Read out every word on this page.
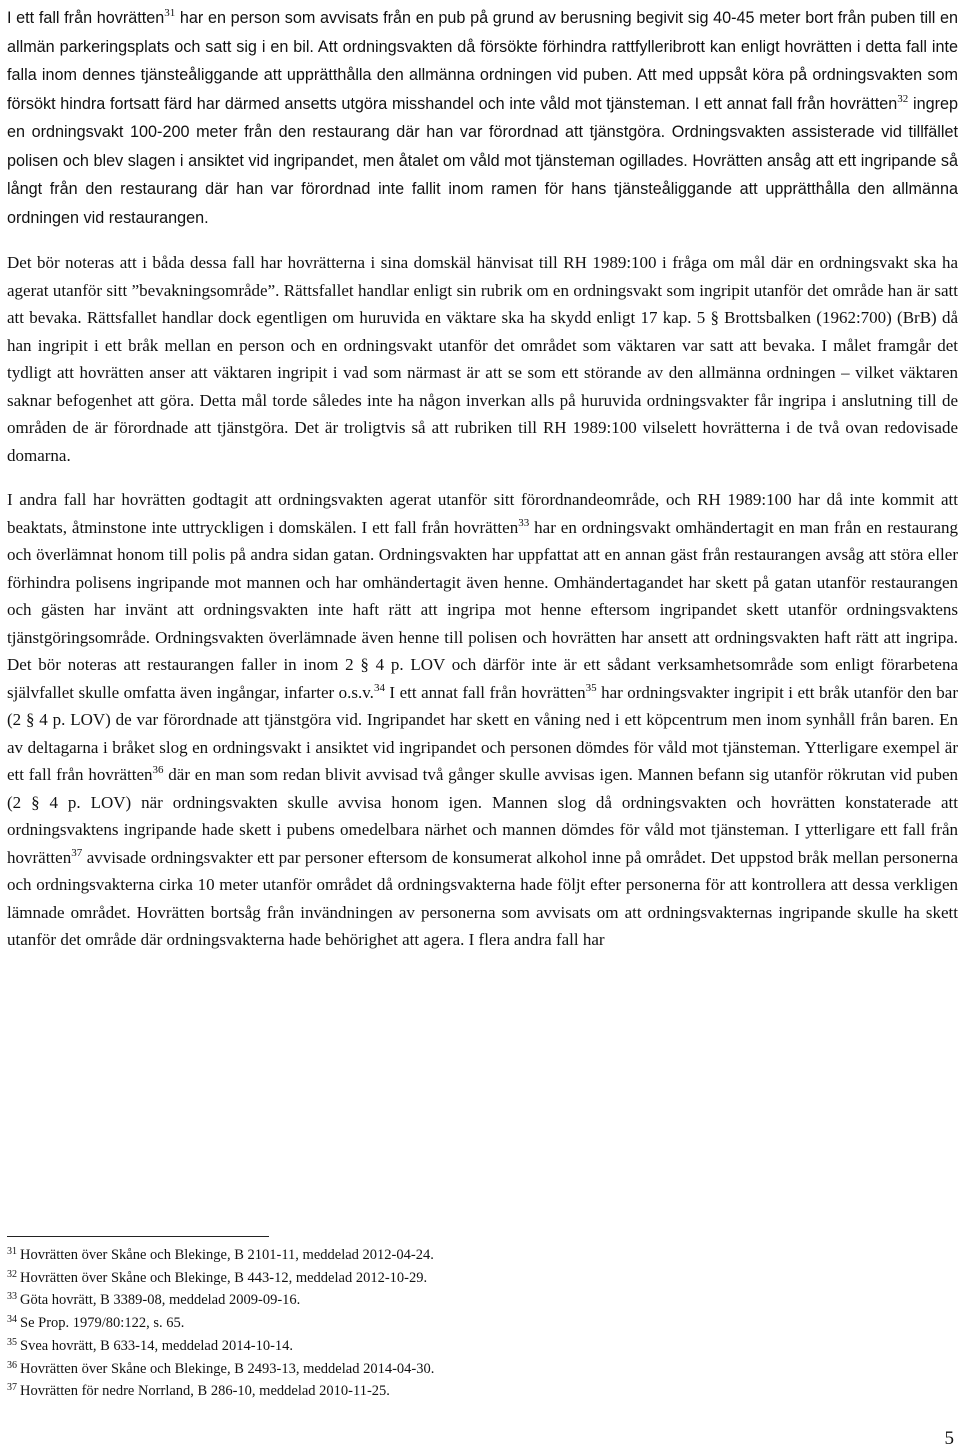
I ett fall från hovrätten$^{31}$ har en person som avvisats från en pub på grund av berusning begivit sig 40-45 meter bort från puben till en allmän parkeringsplats och satt sig i en bil. Att ordningsvakten då försökte förhindra rattfylleribrott kan enligt hovrätten i detta fall inte falla inom dennes tjänsteåliggande att upprätthålla den allmänna ordningen vid puben. Att med uppsåt köra på ordningsvakten som försökt hindra fortsatt färd har därmed ansetts utgöra misshandel och inte våld mot tjänsteman. I ett annat fall från hovrätten$^{32}$ ingrep en ordningsvakt 100-200 meter från den restaurang där han var förordnad att tjänstgöra. Ordningsvakten assisterade vid tillfället polisen och blev slagen i ansiktet vid ingripandet, men åtalet om våld mot tjänsteman ogillades. Hovrätten ansåg att ett ingripande så långt från den restaurang där han var förordnad inte fallit inom ramen för hans tjänsteåliggande att upprätthålla den allmänna ordningen vid restaurangen.

Det bör noteras att i båda dessa fall har hovrätterna i sina domskäl hänvisat till RH 1989:100 i fråga om mål där en ordningsvakt ska ha agerat utanför sitt ”bevakningsområde”. Rättsfallet handlar enligt sin rubrik om en ordningsvakt som ingripit utanför det område han är satt att bevaka. Rättsfallet handlar dock egentligen om huruvida en väktare ska ha skydd enligt 17 kap. 5 § Brottsbalken (1962:700) (BrB) då han ingripit i ett bråk mellan en person och en ordningsvakt utanför det området som väktaren var satt att bevaka. I målet framgår det tydligt att hovrätten anser att väktaren ingripit i vad som närmast är att se som ett störande av den allmänna ordningen – vilket väktaren saknar befogenhet att göra. Detta mål torde således inte ha någon inverkan alls på huruvida ordningsvakter får ingripa i anslutning till de områden de är förordnade att tjänstgöra. Det är troligtvis så att rubriken till RH 1989:100 vilselett hovrätterna i de två ovan redovisade domarna.

I andra fall har hovrätten godtagit att ordningsvakten agerat utanför sitt förordnandeområde, och RH 1989:100 har då inte kommit att beaktats, åtminstone inte uttryckligen i domskälen. I ett fall från hovrätten$^{33}$ har en ordningsvakt omhändertagit en man från en restaurang och överlämnat honom till polis på andra sidan gatan. Ordningsvakten har uppfattat att en annan gäst från restaurangen avsåg att störa eller förhindra polisens ingripande mot mannen och har omhändertagit även henne. Omhändertagandet har skett på gatan utanför restaurangen och gästen har invänt att ordningsvakten inte haft rätt att ingripa mot henne eftersom ingripandet skett utanför ordningsvaktens tjänstgöringsområde. Ordningsvakten överlämnade även henne till polisen och hovrätten har ansett att ordningsvakten haft rätt att ingripa. Det bör noteras att restaurangen faller in inom 2 § 4 p. LOV och därför inte är ett sådant verksamhetsområde som enligt förarbetena självfallet skulle omfatta även ingångar, infarter o.s.v.$^{34}$ I ett annat fall från hovrätten$^{35}$ har ordningsvakter ingripit i ett bråk utanför den bar (2 § 4 p. LOV) de var förordnade att tjänstgöra vid. Ingripandet har skett en våning ned i ett köpcentrum men inom synhåll från baren. En av deltagarna i bråket slog en ordningsvakt i ansiktet vid ingripandet och personen dömdes för våld mot tjänsteman. Ytterligare exempel är ett fall från hovrätten$^{36}$ där en man som redan blivit avvisad två gånger skulle avvisas igen. Mannen befann sig utanför rökrutan vid puben (2 § 4 p. LOV) när ordningsvakten skulle avvisa honom igen. Mannen slog då ordningsvakten och hovrätten konstaterade att ordningsvaktens ingripande hade skett i pubens omedelbara närhet och mannen dömdes för våld mot tjänsteman. I ytterligare ett fall från hovrätten$^{37}$ avvisade ordningsvakter ett par personer eftersom de konsumerat alkohol inne på området. Det uppstod bråk mellan personerna och ordningsvakterna cirka 10 meter utanför området då ordningsvakterna hade följt efter personerna för att kontrollera att dessa verkligen lämnade området. Hovrätten bortsåg från invändningen av personerna som avvisats om att ordningsvakternas ingripande skulle ha skett utanför det område där ordningsvakterna hade behörighet att agera. I flera andra fall har

$^{31}$ Hovrätten över Skåne och Blekinge, B 2101-11, meddelad 2012-04-24.
$^{32}$ Hovrätten över Skåne och Blekinge, B 443-12, meddelad 2012-10-29.
$^{33}$ Göta hovrätt, B 3389-08, meddelad 2009-09-16.
$^{34}$ Se Prop. 1979/80:122, s. 65.
$^{35}$ Svea hovrätt, B 633-14, meddelad 2014-10-14.
$^{36}$ Hovrätten över Skåne och Blekinge, B 2493-13, meddelad 2014-04-30.
$^{37}$ Hovrätten för nedre Norrland, B 286-10, meddelad 2010-11-25.
5
